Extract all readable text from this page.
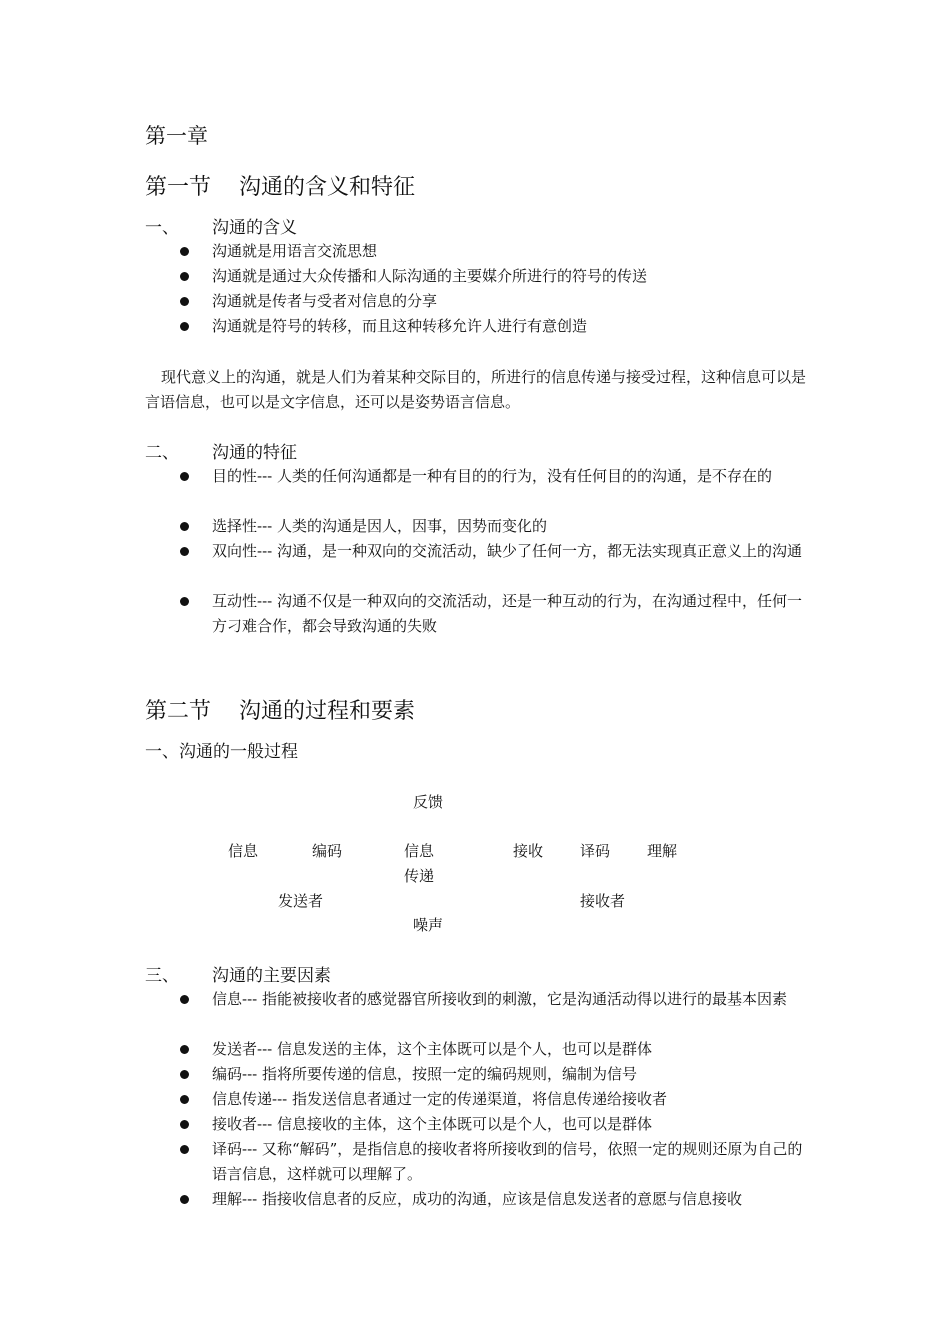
第一章
第一节    沟通的含义和特征
一、 沟通的含义
沟通就是用语言交流思想
沟通就是通过大众传播和人际沟通的主要媒介所进行的符号的传送
沟通就是传者与受者对信息的分享
沟通就是符号的转移，而且这种转移允许人进行有意创造
现代意义上的沟通，就是人们为着某种交际目的，所进行的信息传递与接受过程，这种信息可以是言语信息，也可以是文字信息，还可以是姿势语言信息。
二、 沟通的特征
目的性--- 人类的任何沟通都是一种有目的的行为，没有任何目的的沟通，是不存在的
选择性--- 人类的沟通是因人，因事，因势而变化的
双向性--- 沟通，是一种双向的交流活动，缺少了任何一方，都无法实现真正意义上的沟通
互动性--- 沟通不仅是一种双向的交流活动，还是一种互动的行为，在沟通过程中，任何一方刁难合作，都会导致沟通的失败
第二节    沟通的过程和要素
一、沟通的一般过程
反馈
信息	编码	信息
传递
接收 译码 理解
发送者	接收者
噪声
三、 沟通的主要因素
信息--- 指能被接收者的感觉器官所接收到的刺激，它是沟通活动得以进行的最基本因素
发送者--- 信息发送的主体，这个主体既可以是个人，也可以是群体
编码--- 指将所要传递的信息，按照一定的编码规则，编制为信号
信息传递--- 指发送信息者通过一定的传递渠道，将信息传递给接收者
接收者--- 信息接收的主体，这个主体既可以是个人，也可以是群体
译码--- 又称“解码”，是指信息的接收者将所接收到的信号，依照一定的规则还原为自己的语言信息，这样就可以理解了。
理解--- 指接收信息者的反应，成功的沟通，应该是信息发送者的意愿与信息接收
